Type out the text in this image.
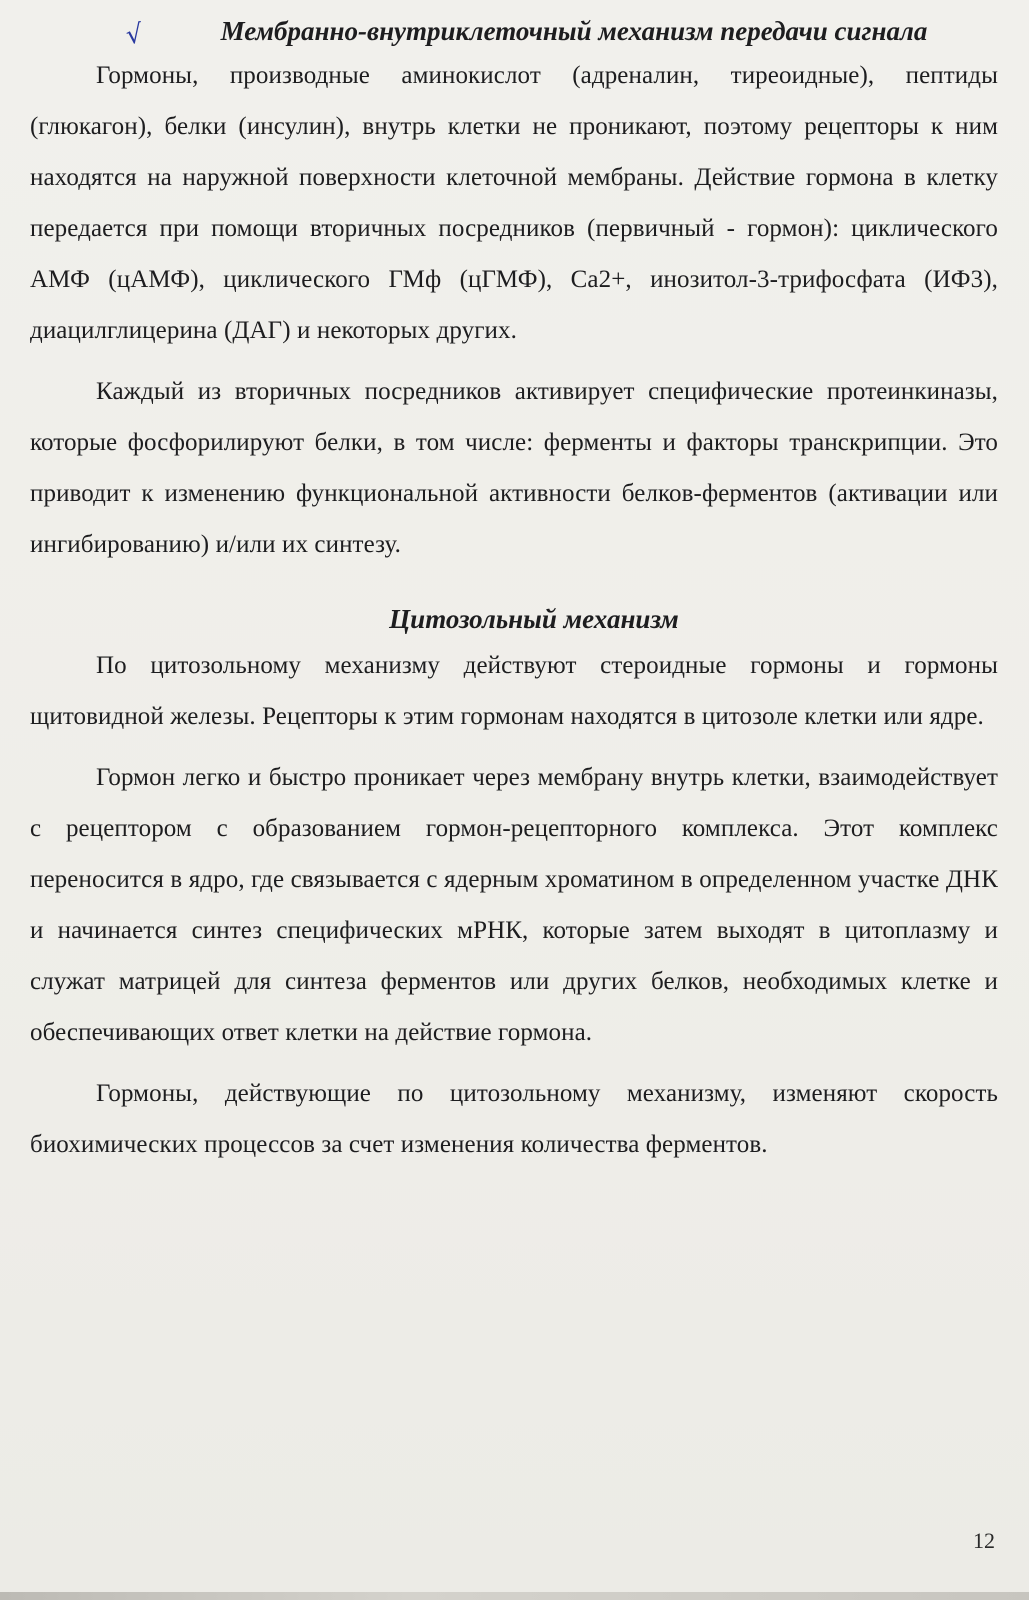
√	Мембранно-внутриклеточный механизм передачи сигнала

Гормоны, производные аминокислот (адреналин, тиреоидные), пептиды (глюкагон), белки (инсулин), внутрь клетки не проникают, поэтому рецепторы к ним находятся на наружной поверхности клеточной мембраны. Действие гормона в клетку передается при помощи вторичных посредников (первичный - гормон): циклического АМФ (цАМФ), циклического ГМф (цГМФ), Са2+, инозитол-3-трифосфата (ИФ3), диацилглицерина (ДАГ) и некоторых других.

Каждый из вторичных посредников активирует специфические протеинкиназы, которые фосфорилируют белки, в том числе: ферменты и факторы транскрипции. Это приводит к изменению функциональной активности белков-ферментов (активации или ингибированию) и/или их синтезу.

Цитозольный механизм

По цитозольному механизму действуют стероидные гормоны и гормоны щитовидной железы. Рецепторы к этим гормонам находятся в цитозоле клетки или ядре.

Гормон легко и быстро проникает через мембрану внутрь клетки, взаимодействует с рецептором с образованием гормон-рецепторного комплекса. Этот комплекс переносится в ядро, где связывается с ядерным хроматином в определенном участке ДНК и начинается синтез специфических мРНК, которые затем выходят в цитоплазму и служат матрицей для синтеза ферментов или других белков, необходимых клетке и обеспечивающих ответ клетки на действие гормона.

Гормоны, действующие по цитозольному механизму, изменяют скорость биохимических процессов за счет изменения количества ферментов.

12
